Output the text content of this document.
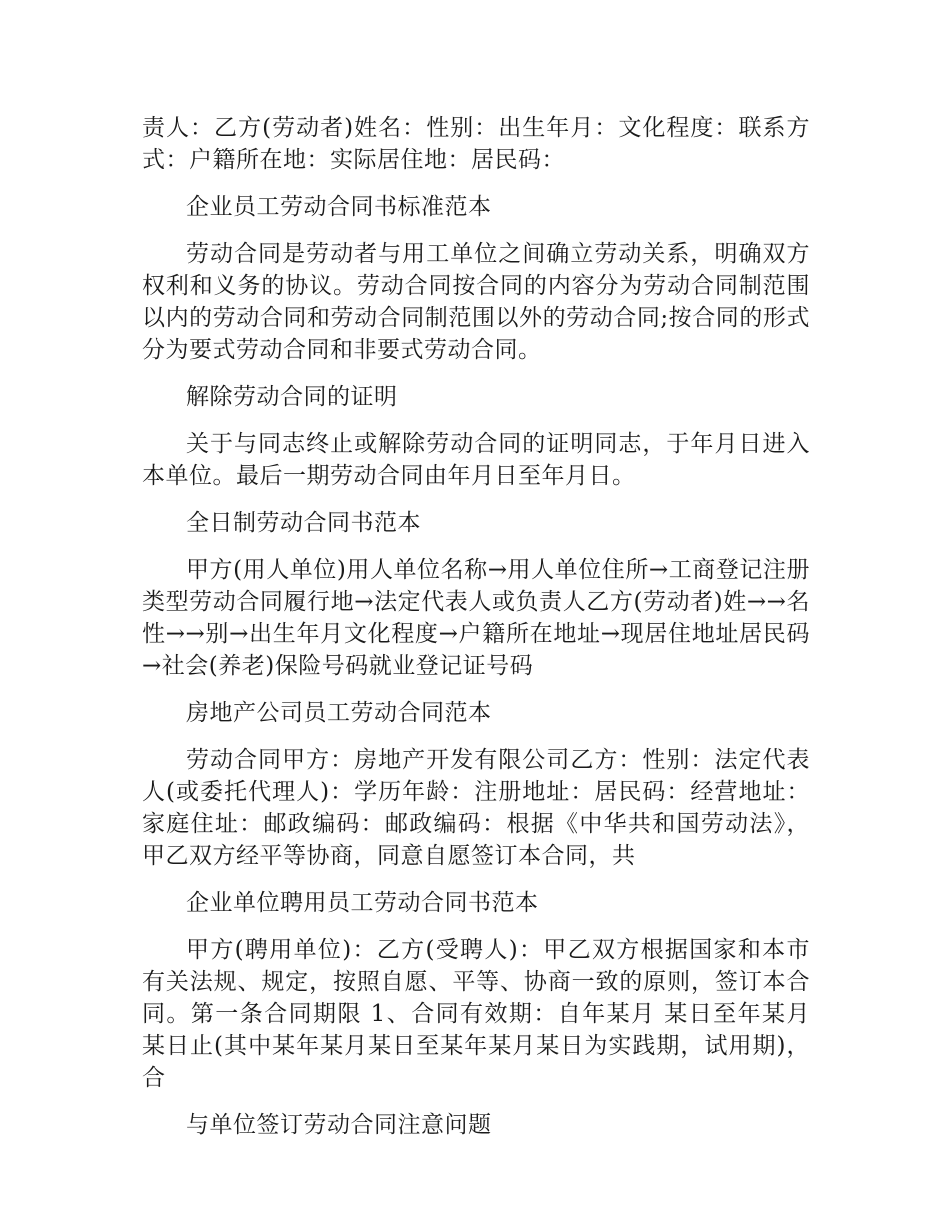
责人：乙方(劳动者)姓名：性别：出生年月：文化程度：联系方式：户籍所在地：实际居住地：居民码：

企业员工劳动合同书标准范本

劳动合同是劳动者与用工单位之间确立劳动关系，明确双方权利和义务的协议。劳动合同按合同的内容分为劳动合同制范围以内的劳动合同和劳动合同制范围以外的劳动合同;按合同的形式分为要式劳动合同和非要式劳动合同。

解除劳动合同的证明

关于与同志终止或解除劳动合同的证明同志，于年月日进入本单位。最后一期劳动合同由年月日至年月日。

全日制劳动合同书范本

甲方(用人单位)用人单位名称→用人单位住所→工商登记注册类型劳动合同履行地→法定代表人或负责人乙方(劳动者)姓→→名性→→别→出生年月文化程度→户籍所在地址→现居住地址居民码→社会(养老)保险号码就业登记证号码

房地产公司员工劳动合同范本

劳动合同甲方：房地产开发有限公司乙方：性别：法定代表人(或委托代理人)：学历年龄：注册地址：居民码：经营地址：家庭住址：邮政编码：邮政编码：根据《中华共和国劳动法》，甲乙双方经平等协商，同意自愿签订本合同，共

企业单位聘用员工劳动合同书范本

甲方(聘用单位)：乙方(受聘人)：甲乙双方根据国家和本市有关法规、规定，按照自愿、平等、协商一致的原则，签订本合同。第一条合同期限 1、合同有效期：自年某月 某日至年某月 某日止(其中某年某月某日至某年某月某日为实践期，试用期)，合

与单位签订劳动合同注意问题
